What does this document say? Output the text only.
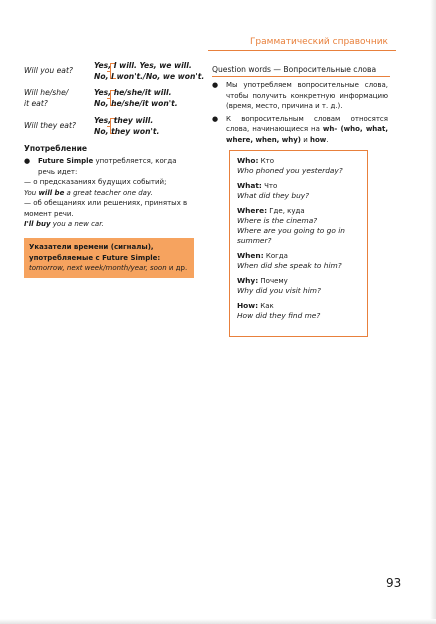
Грамматический справочник
Will you eat?
Yes, I will. Yes, we will.
No, I won't./No, we won't.
Will he/she/
it eat?
Yes, he/she/it will.
No, he/she/it won't.
Will they eat?
Yes, they will.
No, they won't.
Употребление
● Future Simple употребляется, когда речь идет:
— о предсказаниях будущих событий;
You will be a great teacher one day.
— об обещаниях или решениях, принятых в момент речи.
I'll buy you a new car.
Указатели времени (сигналы), употребляемые с Future Simple: tomorrow, next week/month/year, soon и др.
Question words — Вопросительные слова
● Мы употребляем вопросительные слова, чтобы получить конкретную информацию (время, место, причина и т. д.).
● К вопросительным словам относятся слова, начинающиеся на wh- (who, what, where, when, why) и how.
Who: Кто
Who phoned you yesterday?
What: Что
What did they buy?
Where: Где, куда
Where is the cinema?
Where are you going to go in summer?
When: Когда
When did she speak to him?
Why: Почему
Why did you visit him?
How: Как
How did they find me?
93
